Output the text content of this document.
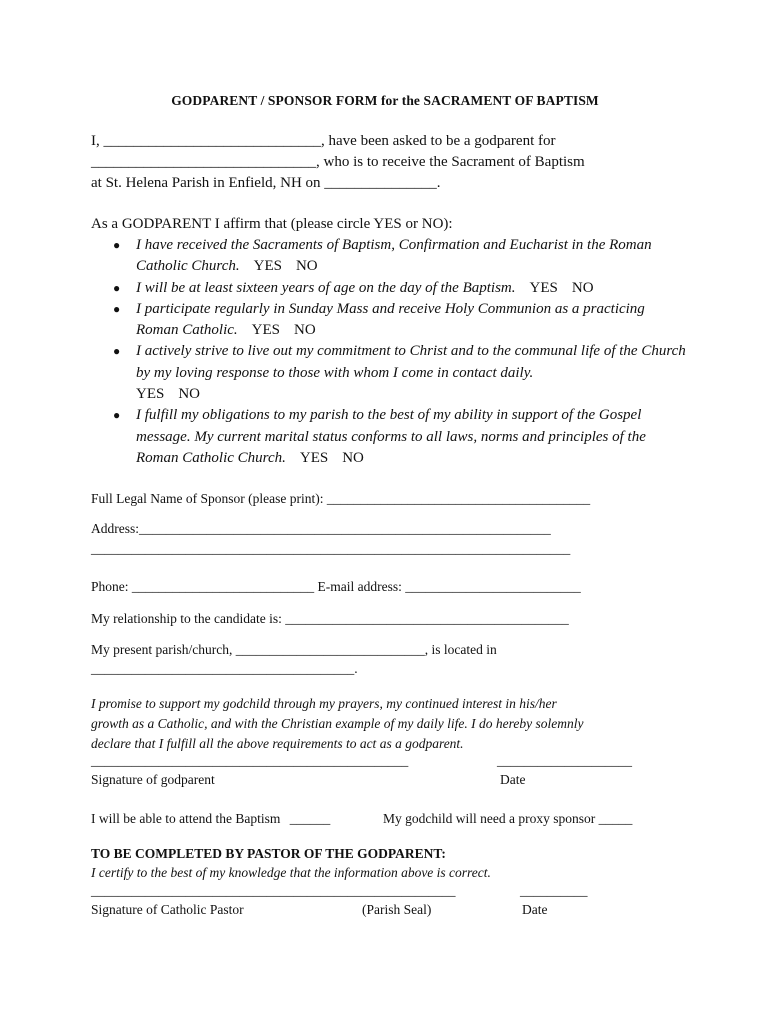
GODPARENT / SPONSOR FORM for the SACRAMENT OF BAPTISM
I, _____________________________, have been asked to be a godparent for
______________________________, who is to receive the Sacrament of Baptism
at St. Helena Parish in Enfield, NH on _______________.
As a GODPARENT I affirm that (please circle YES or NO):
● I have received the Sacraments of Baptism, Confirmation and Eucharist in the Roman Catholic Church. YES NO
● I will be at least sixteen years of age on the day of the Baptism. YES NO
● I participate regularly in Sunday Mass and receive Holy Communion as a practicing Roman Catholic. YES NO
● I actively strive to live out my commitment to Christ and to the communal life of the Church by my loving response to those with whom I come in contact daily.
YES NO
● I fulfill my obligations to my parish to the best of my ability in support of the Gospel message. My current marital status conforms to all laws, norms and principles of the Roman Catholic Church. YES NO
Full Legal Name of Sponsor (please print): _______________________________________
Address:_____________________________________________________________
_______________________________________________________________________
Phone: ___________________________ E-mail address: __________________________
My relationship to the candidate is: __________________________________________
My present parish/church, ____________________________, is located in
_______________________________________.
I promise to support my godchild through my prayers, my continued interest in his/her
growth as a Catholic, and with the Christian example of my daily life. I do hereby solemnly
declare that I fulfill all the above requirements to act as a godparent.
_______________________________________________	____________________
Signature of godparent	Date
I will be able to attend the Baptism ______	My godchild will need a proxy sponsor _____
TO BE COMPLETED BY PASTOR OF THE GODPARENT:
I certify to the best of my knowledge that the information above is correct.
______________________________________________________	__________
Signature of Catholic Pastor	(Parish Seal)	Date
